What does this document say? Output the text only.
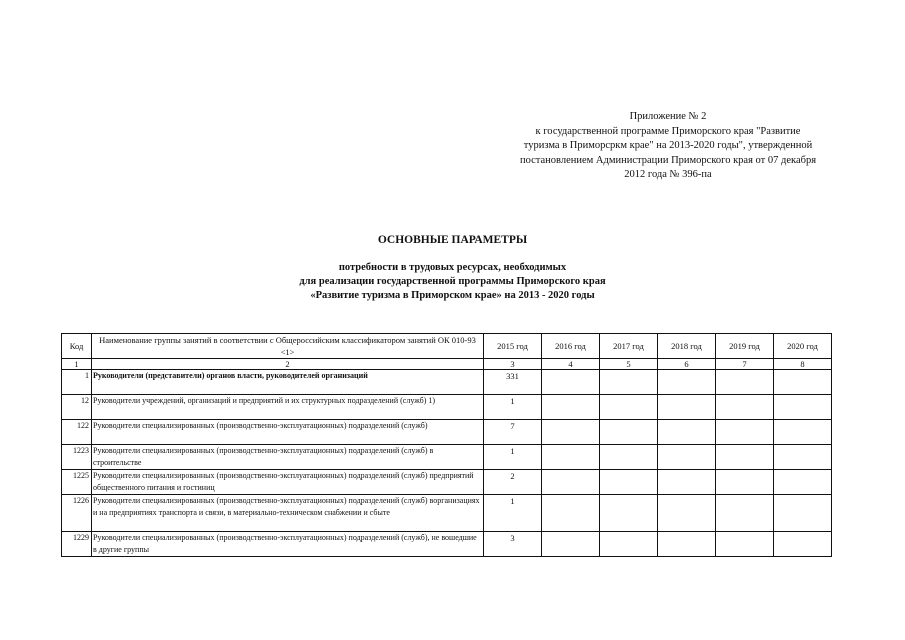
Приложение № 2
к государственной программе Приморского края "Развитие
туризма в Приморсркм крае" на 2013-2020 годы", утвержденной
постановлением Администрации Приморского края от 07 декабря
2012 года № 396-па
ОСНОВНЫЕ ПАРАМЕТРЫ
потребности в трудовых ресурсах, необходимых
для реализации государственной программы Приморского края
«Развитие туризма в Приморском крае» на 2013 - 2020 годы
Код	Наименование группы занятий в соответствии с Общероссийским классификатором занятий ОК 010-93 <1>	2015 год	2016 год	2017 год	2018 год	2019 год	2020 год
1	2	3	4	5	6	7	8
1	Руководители (представители) органов власти, руководителей организаций	331					
12	Руководители учреждений, организаций и предприятий и их структурных подразделений (служб) 1)	1					
122	Руководители специализированных (производственно-эксплуатационных) подразделений (служб)	7					
1223	Руководители специализированных (производственно-эксплуатационных) подразделений (служб) в строительстве	1					
1225	Руководители специализированных (производственно-эксплуатационных) подразделений (служб) предприятий общественного питания и гостиниц	2					
1226	Руководители специализированных (производственно-эксплуатационных) подразделений (служб) ворганизациях и на предприятиях транспорта и связи, в материально-техническом снабжении и сбыте	1					
1229	Руководители специализированных (производственно-эксплуатационных) подразделений (служб), не вошедшие в другие группы	3					
